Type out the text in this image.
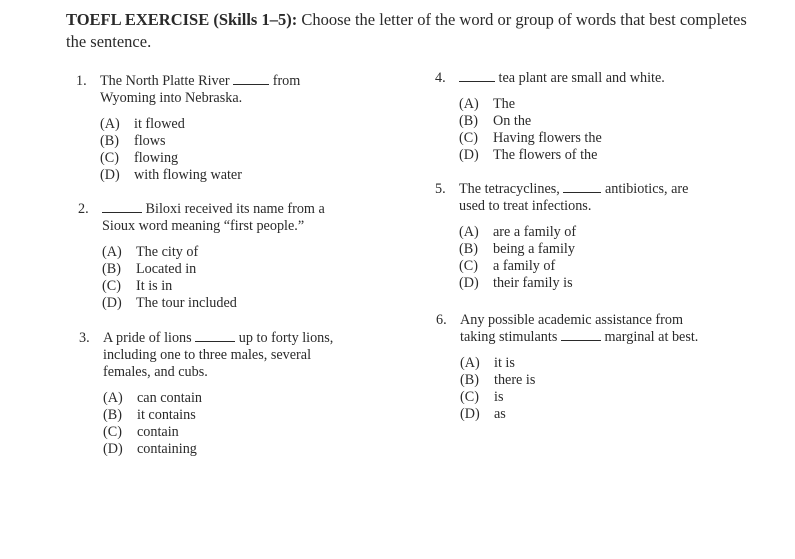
TOEFL EXERCISE (Skills 1–5): Choose the letter of the word or group of words that best completes the sentence.
1. The North Platte River	from
Wyoming into Nebraska.
(A)	it flowed
(B)	flows
(C)	flowing
(D)	with flowing water
2.	Biloxi received its name from a
Sioux word meaning “first people.”
(A)	The city of
(B)	Located in
(C)	It is in
(D)	The tour included
3. A pride of lions	up to forty lions,
including one to three males, several
females, and cubs.
(A)	can contain
(B)	it contains
(C)	contain
(D)	containing
4.	tea plant are small and white.
(A)	The
(B)	On the
(C)	Having flowers the
(D)	The flowers of the
5. The tetracyclines,	antibiotics, are
used to treat infections.
(A)	are a family of
(B)	being a family
(C)	a family of
(D)	their family is
6. Any possible academic assistance from
taking stimulants	marginal at best.
(A)	it is
(B)	there is
(C)	is
(D)	as
